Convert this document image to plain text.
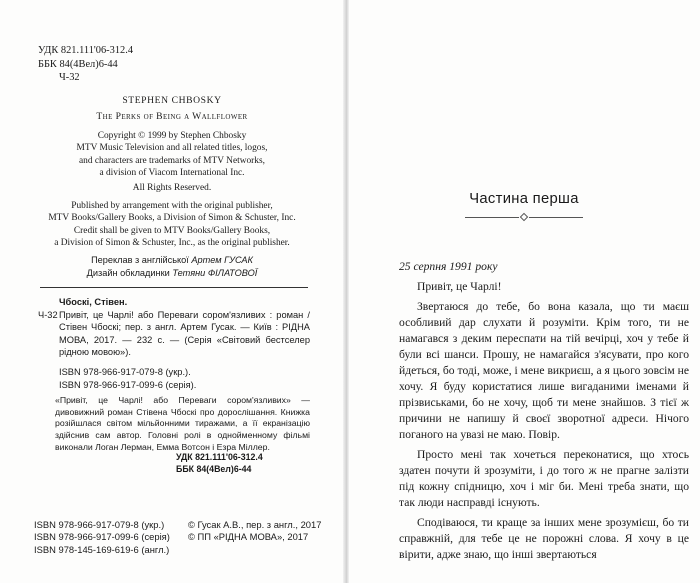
УДК 821.111'06-312.4
ББК 84(4Вел)6-44
Ч-32
STEPHEN CHBOSKY
The Perks of Being a Wallflower
Copyright © 1999 by Stephen Chbosky
MTV Music Television and all related titles, logos,
and characters are trademarks of MTV Networks,
a division of Viacom International Inc.
All Rights Reserved.
Published by arrangement with the original publisher,
MTV Books/Gallery Books, a Division of Simon & Schuster, Inc.
Credit shall be given to MTV Books/Gallery Books,
a Division of Simon & Schuster, Inc., as the original publisher.
Переклав з англійської Артем ГУСАК
Дизайн обкладинки Тетяни ФІЛАТОВОЇ
Чбоскі, Стівен.
Ч-32 Привіт, це Чарлі! або Переваги сором'язливих : роман / Стівен Чбоскі; пер. з англ. Артем Гусак. — Київ : РІДНА МОВА, 2017. — 232 с. — (Серія «Світовий бестселер рідною мовою»).
ISBN 978-966-917-079-8 (укр.).
ISBN 978-966-917-099-6 (серія).
«Привіт, це Чарлі! або Переваги сором'язливих» — дивовижний роман Стівена Чбоскі про дорослішання. Книжка розійшлася світом мільйонними тиражами, а її екранізацію здійснив сам автор. Головні ролі в однойменному фільмі виконали Логан Лерман, Емма Вотсон і Езра Міллер.
УДК 821.111'06-312.4
ББК 84(4Вел)6-44
ISBN 978-966-917-079-8 (укр.)
ISBN 978-966-917-099-6 (серія)
ISBN 978-145-169-619-6 (англ.)
© Гусак А.В., пер. з англ., 2017
© ПП «РІДНА МОВА», 2017
Частина перша
25 серпня 1991 року

Привіт, це Чарлі!

Звертаюся до тебе, бо вона казала, що ти маєш особливий дар слухати й розуміти. Крім того, ти не намагався з деким переспати на тій вечірці, хоч у тебе й були всі шанси. Прошу, не намагайся з'ясувати, про кого йдеться, бо тоді, може, і мене викриєш, а я цього зовсім не хочу. Я буду користатися лише вигаданими іменами й прізвиськами, бо не хочу, щоб ти мене знайшов. З тієї ж причини не напишу й своєї зворотної адреси. Нічого поганого на увазі не маю. Повір.

Просто мені так хочеться переконатися, що хтось здатен почути й зрозуміти, і до того ж не прагне залізти під кожну спідницю, хоч і міг би. Мені треба знати, що так люди насправді існують.

Сподіваюся, ти краще за інших мене зрозумієш, бо ти справжній, для тебе це не порожні слова. Я хочу в це вірити, адже знаю, що інші звертаються
